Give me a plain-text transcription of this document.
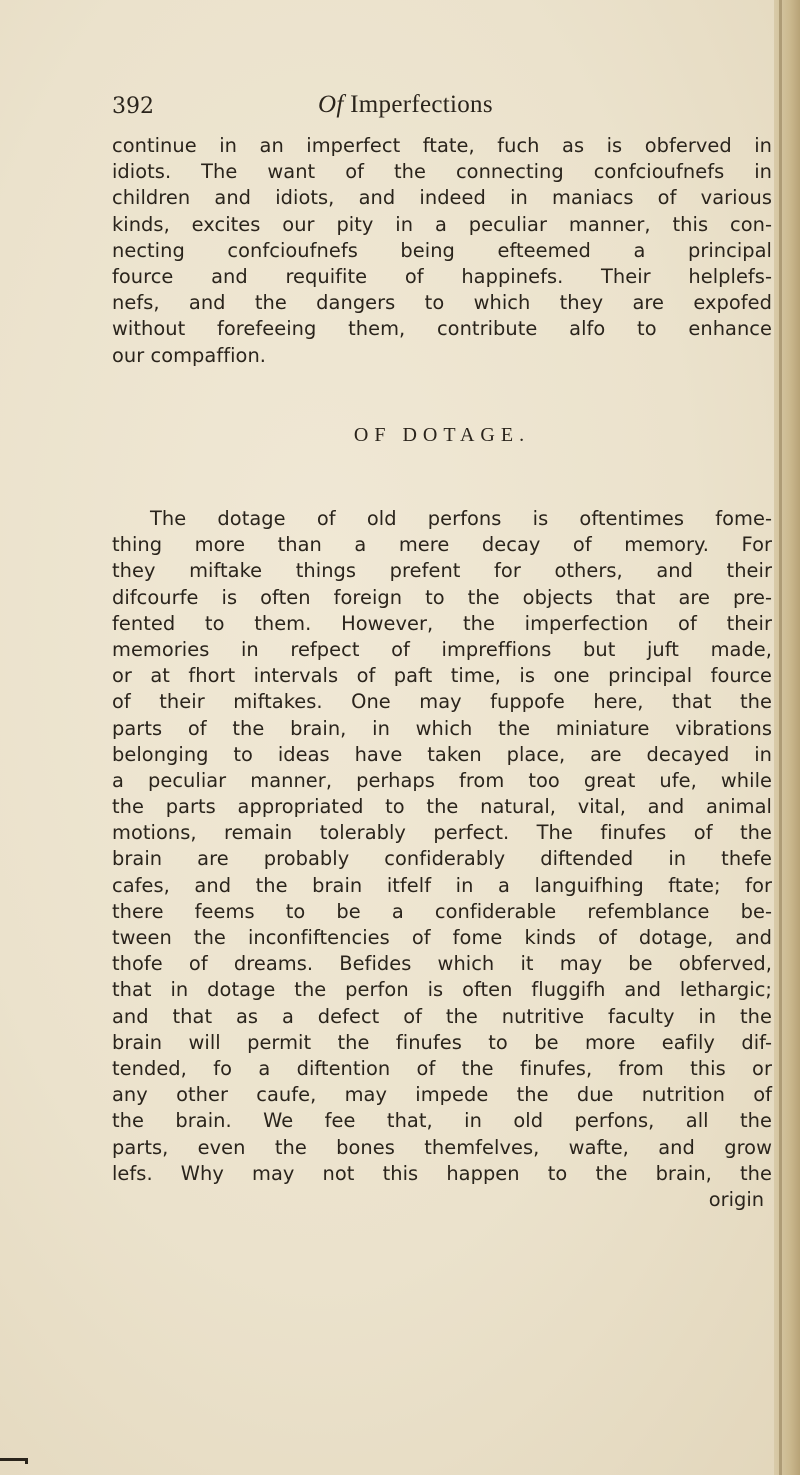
392	Of Imperfections
continue in an imperfect ftate, fuch as is obferved in
idiots. The want of the connecting confcioufnefs in
children and idiots, and indeed in maniacs of various
kinds, excites our pity in a peculiar manner, this con-
necting confcioufnefs being efteemed a principal
fource and requifite of happinefs. Their helplefs-
nefs, and the dangers to which they are expofed
without forefeeing them, contribute alfo to enhance
our compaffion.
OF DOTAGE.
The dotage of old perfons is oftentimes fome-
thing more than a mere decay of memory. For
they miftake things prefent for others, and their
difcourfe is often foreign to the objects that are pre-
fented to them. However, the imperfection of their
memories in refpect of impreffions but juft made,
or at fhort intervals of paft time, is one principal fource
of their miftakes. One may fuppofe here, that the
parts of the brain, in which the miniature vibrations
belonging to ideas have taken place, are decayed in
a peculiar manner, perhaps from too great ufe, while
the parts appropriated to the natural, vital, and animal
motions, remain tolerably perfect. The finufes of the
brain are probably confiderably diftended in thefe
cafes, and the brain itfelf in a languifhing ftate; for
there feems to be a confiderable refemblance be-
tween the inconfiftencies of fome kinds of dotage, and
thofe of dreams. Befides which it may be obferved,
that in dotage the perfon is often fluggifh and lethargic;
and that as a defect of the nutritive faculty in the
brain will permit the finufes to be more eafily dif-
tended, fo a diftention of the finufes, from this or
any other caufe, may impede the due nutrition of
the brain. We fee that, in old perfons, all the
parts, even the bones themfelves, wafte, and grow
lefs. Why may not this happen to the brain, the
origin
